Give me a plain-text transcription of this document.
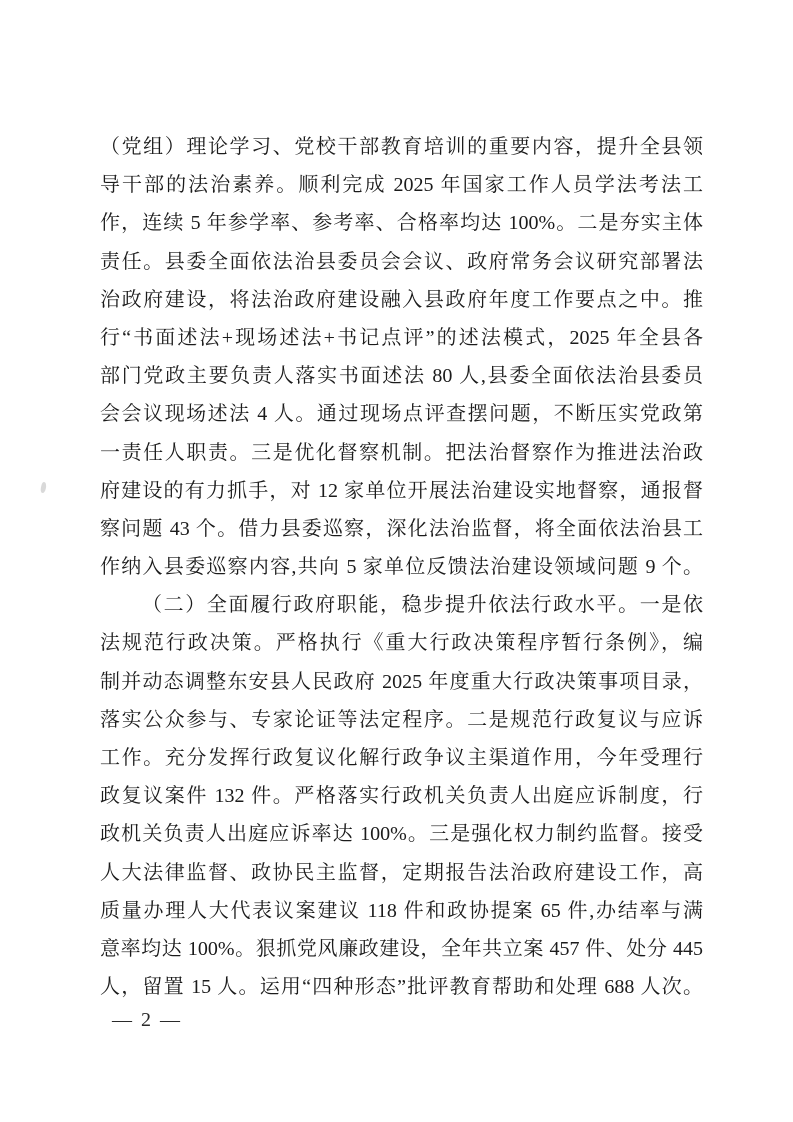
（党组）理论学习、党校干部教育培训的重要内容，提升全县领
导干部的法治素养。顺利完成 2025 年国家工作人员学法考法工
作，连续 5 年参学率、参考率、合格率均达 100%。二是夯实主体
责任。县委全面依法治县委员会会议、政府常务会议研究部署法
治政府建设，将法治政府建设融入县政府年度工作要点之中。推
行“书面述法+现场述法+书记点评”的述法模式，2025 年全县各
部门党政主要负责人落实书面述法 80 人,县委全面依法治县委员
会会议现场述法 4 人。通过现场点评查摆问题，不断压实党政第
一责任人职责。三是优化督察机制。把法治督察作为推进法治政
府建设的有力抓手，对 12 家单位开展法治建设实地督察，通报督
察问题 43 个。借力县委巡察，深化法治监督，将全面依法治县工
作纳入县委巡察内容,共向 5 家单位反馈法治建设领域问题 9 个。
（二）全面履行政府职能，稳步提升依法行政水平。一是依
法规范行政决策。严格执行《重大行政决策程序暂行条例》，编
制并动态调整东安县人民政府 2025 年度重大行政决策事项目录，
落实公众参与、专家论证等法定程序。二是规范行政复议与应诉
工作。充分发挥行政复议化解行政争议主渠道作用，今年受理行
政复议案件 132 件。严格落实行政机关负责人出庭应诉制度，行
政机关负责人出庭应诉率达 100%。三是强化权力制约监督。接受
人大法律监督、政协民主监督，定期报告法治政府建设工作，高
质量办理人大代表议案建议 118 件和政协提案 65 件,办结率与满
意率均达 100%。狠抓党风廉政建设，全年共立案 457 件、处分 445
人，留置 15 人。运用“四种形态”批评教育帮助和处理 688 人次。
— 2 —
